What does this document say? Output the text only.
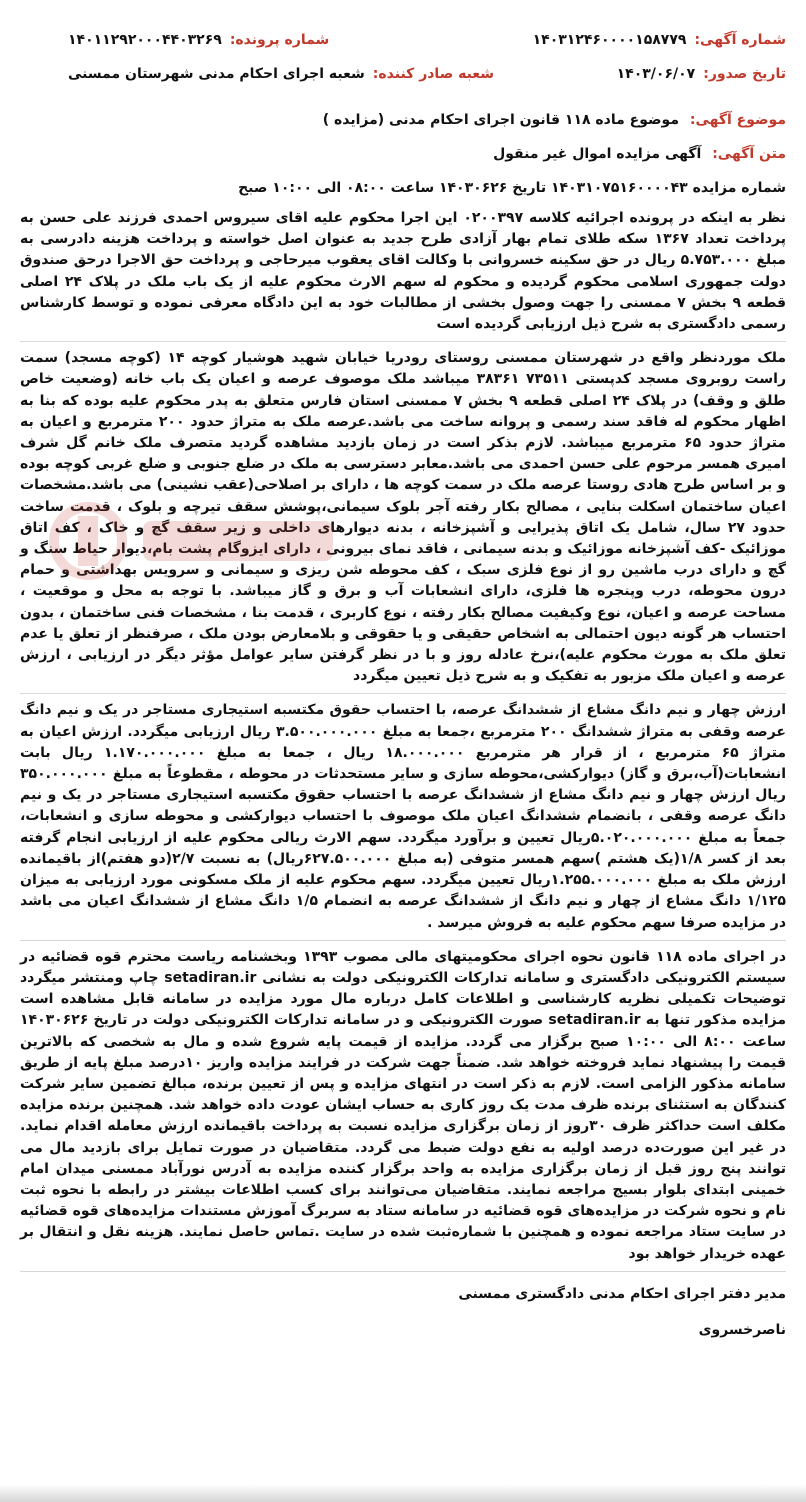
شماره آگهی:
۱۴۰۳۱۲۴۶۰۰۰۰۱۵۸۷۷۹
شماره پرونده:
۱۴۰۱۱۲۹۲۰۰۰۴۴۰۳۲۶۹
تاریخ صدور:
۱۴۰۳/۰۶/۰۷
شعبه صادر کننده:
شعبه اجرای احکام مدنی شهرستان ممسنی
موضوع آگهی: موضوع ماده ۱۱۸ قانون اجرای احکام مدنی (مزایده )
متن آگهی: آگهی مزایده اموال غیر منقول
شماره مزایده ۱۴۰۳۱۰۷۵۱۶۰۰۰۰۴۳ تاریخ ۱۴۰۳۰۶۲۶ ساعت ۰۸:۰۰ الی ۱۰:۰۰ صبح
نظر به اینکه در پرونده اجرائیه کلاسه ۰۲۰۰۳۹۷ این اجرا محکوم علیه اقای سیروس احمدی فرزند علی حسن به پرداخت تعداد ۱۳۶۷ سکه طلای تمام بهار آزادی طرح جدید به عنوان اصل خواسته و پرداخت هزینه دادرسی به مبلغ ۵.۷۵۳.۰۰۰ ریال در حق سکینه خسروانی با وکالت اقای یعقوب میرحاجی و پرداخت حق الاجرا درحق صندوق دولت جمهوری اسلامی محکوم گردیده و محکوم له سهم الارث محکوم علیه از یک باب ملک در پلاک ۲۴ اصلی قطعه ۹ بخش ۷ ممسنی را جهت وصول بخشی از مطالبات خود به این دادگاه معرفی نموده و توسط کارشناس رسمی دادگستری به شرح ذیل ارزیابی گردیده است
ملک موردنظر واقع در شهرستان ممسنی روستای رودریا خیابان شهید هوشیار کوچه ۱۴ (کوچه مسجد) سمت راست روبروی مسجد کدپستی ۷۳۵۱۱ ۳۸۳۶۱ میباشد ملک موصوف عرصه و اعیان یک باب خانه (وضعیت خاص طلق و وقف) در پلاک ۲۴ اصلی قطعه ۹ بخش ۷ ممسنی استان فارس متعلق به پدر محکوم علیه بوده که بنا به اظهار محکوم له فاقد سند رسمی و پروانه ساخت می باشد.عرصه ملک به متراژ حدود ۲۰۰ مترمربع و اعیان به متراژ حدود ۶۵ مترمربع میباشد. لازم بذکر است در زمان بازدید مشاهده گردید متصرف ملک خانم گل شرف امیری همسر مرحوم علی حسن احمدی می باشد.معابر دسترسی به ملک در ضلع جنوبی و ضلع غربی کوچه بوده و بر اساس طرح هادی روستا عرصه ملک در سمت کوچه ها ، دارای بر اصلاحی(عقب نشینی) می باشد.مشخصات اعیان ساختمان اسکلت بنایی ، مصالح بکار رفته آجر بلوک سیمانی،پوشش سقف تیرچه و بلوک ، قدمت ساخت حدود ۲۷ سال، شامل یک اتاق پذیرایی و آشپزخانه ، بدنه دیوارهای داخلی و زیر سقف گچ و خاک ، کف اتاق موزائیک -کف آشپزخانه موزائیک و بدنه سیمانی ، فاقد نمای بیرونی ، دارای ایزوگام پشت بام،دیوار حیاط سنگ و گچ و دارای درب ماشین رو از نوع فلزی سبک ، کف محوطه شن ریزی و سیمانی و سرویس بهداشتی و حمام درون محوطه، درب وپنجره ها فلزی، دارای انشعابات آب و برق و گاز میباشد. با توجه به محل و موقعیت ، مساحت عرصه و اعیان، نوع وکیفیت مصالح بکار رفته ، نوع کاربری ، قدمت بنا ، مشخصات فنی ساختمان ، بدون احتساب هر گونه دیون احتمالی به اشخاص حقیقی و یا حقوقی و بلامعارض بودن ملک ، صرفنظر از تعلق یا عدم تعلق ملک به مورث محکوم علیه)،نرخ عادله روز و با در نظر گرفتن سایر عوامل مؤثر دیگر در ارزیابی ، ارزش عرصه و اعیان ملک مزبور به تفکیک و به شرح ذیل تعیین میگردد
ارزش چهار و نیم دانگ مشاع از ششدانگ عرصه، با احتساب حقوق مکتسبه استیجاری مستاجر در یک و نیم دانگ عرصه وقفی به متراژ ششدانگ ۲۰۰ مترمربع ،جمعا به مبلغ ۳.۵۰۰.۰۰۰.۰۰۰ ریال ارزیابی میگردد. ارزش اعیان به متراژ ۶۵ مترمربع ، از قرار هر مترمربع ۱۸.۰۰۰.۰۰۰ ریال ، جمعا به مبلغ ۱.۱۷۰.۰۰۰.۰۰۰ ریال بابت انشعابات(آب،برق و گاز) دیوارکشی،محوطه سازی و سایر مستحدثات در محوطه ، مقطوعاً به مبلغ ۳۵۰.۰۰۰.۰۰۰ ریال ارزش چهار و نیم دانگ مشاع از ششدانگ عرصه با احتساب حقوق مکتسبه استیجاری مستاجر در یک و نیم دانگ عرصه وقفی ، بانضمام ششدانگ اعیان ملک موصوف با احتساب دیوارکشی و محوطه سازی و انشعابات، جمعاً به مبلغ ۵.۰۲۰.۰۰۰.۰۰۰ریال تعیین و برآورد میگردد. سهم الارث ریالی محکوم علیه از ارزیابی انجام گرفته بعد از کسر ۱/۸(یک هشتم )سهم همسر متوفی (به مبلغ ۶۲۷.۵۰۰.۰۰۰ریال) به نسبت ۲/۷(دو هفتم)از باقیمانده ارزش ملک به مبلغ ۱.۲۵۵.۰۰۰.۰۰۰ریال تعیین میگردد. سهم محکوم علیه از ملک مسکونی مورد ارزیابی به میزان ۱/۱۲۵ دانگ مشاع از چهار و نیم دانگ از ششدانگ عرصه به انضمام ۱/۵ دانگ مشاع از ششدانگ اعیان می باشد در مزایده صرفا سهم محکوم علیه به فروش میرسد .
در اجرای ماده ۱۱۸ قانون نحوه اجرای محکومیتهای مالی مصوب ۱۳۹۳ وبخشنامه ریاست محترم قوه قضائیه در سیستم الکترونیکی دادگستری و سامانه تدارکات الکترونیکی دولت به نشانی setadiran.ir چاپ ومنتشر میگردد توضیحات تکمیلی نظریه کارشناسی و اطلاعات کامل درباره مال مورد مزایده در سامانه قابل مشاهده است مزایده مذکور تنها به setadiran.ir صورت الکترونیکی و در سامانه تدارکات الکترونیکی دولت در تاریخ ۱۴۰۳۰۶۲۶ ساعت ۸:۰۰ الی ۱۰:۰۰ صبح برگزار می گردد. مزایده از قیمت پایه شروع شده و مال به شخصی که بالاترین قیمت را پیشنهاد نماید فروخته خواهد شد. ضمناً جهت شرکت در فرایند مزایده واریز ۱۰درصد مبلغ پایه از طریق سامانه مذکور الزامی است. لازم به ذکر است در انتهای مزایده و پس از تعیین برنده، مبالغ تضمین سایر شرکت کنندگان به استثنای برنده ظرف مدت یک روز کاری به حساب ایشان عودت داده خواهد شد. همچنین برنده مزایده مکلف است حداکثر ظرف ۳۰روز از زمان برگزاری مزایده نسبت به پرداخت باقیمانده ارزش معامله اقدام نماید. در غیر این صورت‌ده درصد اولیه به نفع دولت ضبط می گردد. متقاضیان در صورت تمایل برای بازدید مال می توانند پنج روز قبل از زمان برگزاری مزایده به واحد برگزار کننده مزایده به آدرس نورآباد ممسنی میدان امام خمینی ابتدای بلوار بسیج مراجعه نمایند. متقاضیان می‌توانند برای کسب اطلاعات بیشتر در رابطه با نحوه ثبت نام و نحوه شرکت در مزایده‌های قوه قضائیه در سامانه ستاد به سربرگ آموزش مستندات مزایده‌های قوه قضائیه در سایت ستاد مراجعه نموده و همچنین با شماره‌ثبت شده در سایت .تماس حاصل نمایند. هزینه نقل و انتقال بر عهده خریدار خواهد بود
مدیر دفتر اجرای احکام مدنی دادگستری ممسنی
ناصرخسروی
